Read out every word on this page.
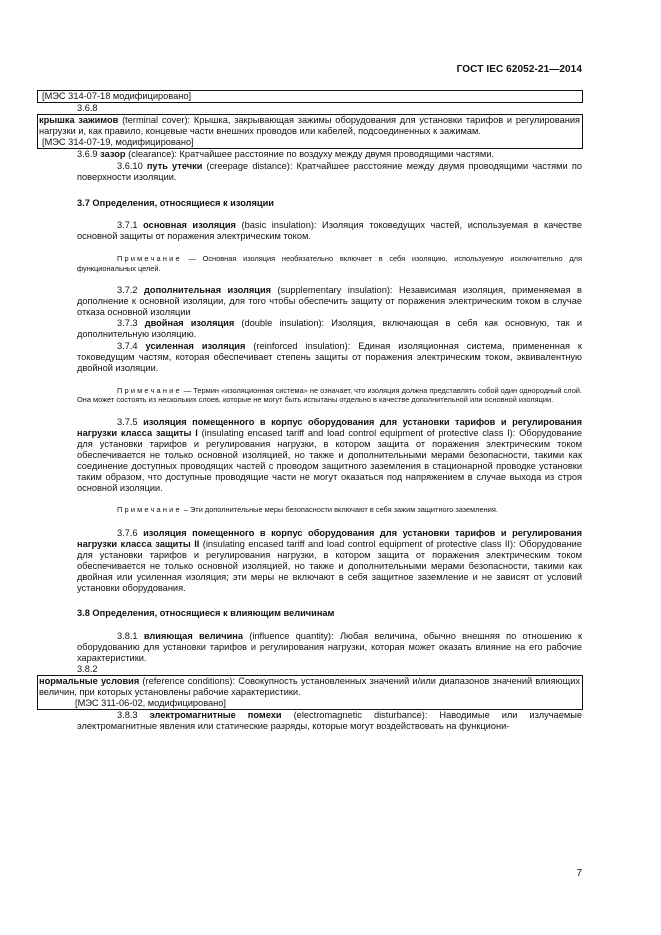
ГОСТ IEC 62052-21—2014

[МЭС 314-07-18 модифицировано]

3.6.8

крышка зажимов (terminal cover): Крышка, закрывающая зажимы оборудования для установки тарифов и регулирования нагрузки и, как правило, концевые части внешних проводов или кабелей, подсоединенных к зажимам.

[МЭС 314-07-19, модифицировано]

3.6.9 зазор (clearance): Кратчайшее расстояние по воздуху между двумя проводящими частями.

3.6.10 путь утечки (creepage distance): Кратчайшее расстояние между двумя проводящими частями по поверхности изоляции.

3.7 Определения, относящиеся к изоляции

3.7.1 основная изоляция (basic insulation): Изоляция токоведущих частей, используемая в качестве основной защиты от поражения электрическим током.

Примечание — Основная изоляция необязательно включает в себя изоляцию, используемую исключительно для функциональных целей.

3.7.2 дополнительная изоляция (supplementary insulation): Независимая изоляция, применяемая в дополнение к основной изоляции, для того чтобы обеспечить защиту от поражения электрическим током в случае отказа основной изоляции

3.7.3 двойная изоляция (double insulation): Изоляция, включающая в себя как основную, так и дополнительную изоляцию.

3.7.4 усиленная изоляция (reinforced insulation): Единая изоляционная система, примененная к токоведущим частям, которая обеспечивает степень защиты от поражения электрическим током, эквивалентную двойной изоляции.

Примечание — Термин «изоляционная система» не означает, что изоляция должна представлять собой один однородный слой. Она может состоять из нескольких слоев, которые не могут быть испытаны отдельно в качестве дополнительной или основной изоляции.

3.7.5 изоляция помещенного в корпус оборудования для установки тарифов и регулирования нагрузки класса защиты I (insulating encased tariff and load control equipment of protective class I): Оборудование для установки тарифов и регулирования нагрузки, в котором защита от поражения электрическим током обеспечивается не только основной изоляцией, но также и дополнительными мерами безопасности, такими как соединение доступных проводящих частей с проводом защитного заземления в стационарной проводке установки таким образом, что доступные проводящие части не могут оказаться под напряжением в случае выхода из строя основной изоляции.

Примечание – Эти дополнительные меры безопасности включают в себя зажим защитного заземления.

3.7.6 изоляция помещенного в корпус оборудования для установки тарифов и регулирования нагрузки класса защиты II (insulating encased tariff and load control equipment of protective class II): Оборудование для установки тарифов и регулирования нагрузки, в котором защита от поражения электрическим током обеспечивается не только основной изоляцией, но также и дополнительными мерами безопасности, такими как двойная или усиленная изоляция; эти меры не включают в себя защитное заземление и не зависят от условий установки оборудования.

3.8 Определения, относящиеся к влияющим величинам

3.8.1 влияющая величина (influence quantity): Любая величина, обычно внешняя по отношению к оборудованию для установки тарифов и регулирования нагрузки, которая может оказать влияние на его рабочие характеристики.

3.8.2

нормальные условия (reference conditions): Совокупность установленных значений и/или диапазонов значений влияющих величин, при которых установлены рабочие характеристики.

[МЭС 311-06-02, модифицировано]

3.8.3 электромагнитные помехи (electromagnetic disturbance): Наводимые или излучаемые электромагнитные явления или статические разряды, которые могут воздействовать на функциони-

7
